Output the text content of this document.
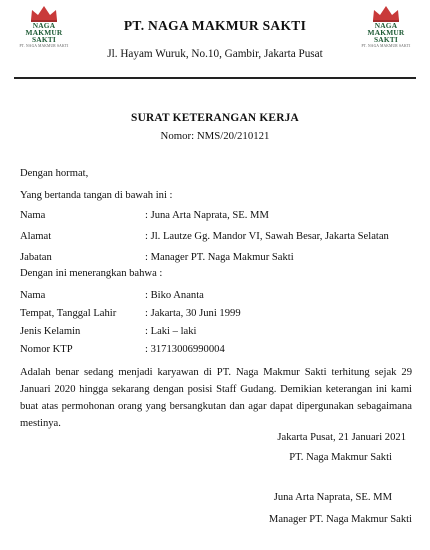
NAGA
MAKMUR
SAKTI
PT. NAGA MAKMUR SAKTI
NAGA
MAKMUR
SAKTI
PT. NAGA MAKMUR SAKTI
PT. NAGA MAKMUR SAKTI
Jl. Hayam Wuruk, No.10, Gambir, Jakarta Pusat
SURAT KETERANGAN KERJA
Nomor: NMS/20/210121
Dengan hormat,
Yang bertanda tangan di bawah ini :
Nama	: Juna Arta Naprata, SE. MM
Alamat	: Jl. Lautze Gg. Mandor VI, Sawah Besar, Jakarta Selatan
Jabatan	: Manager PT. Naga Makmur Sakti
Dengan ini menerangkan bahwa :
Nama	: Biko Ananta
Tempat, Tanggal Lahir	: Jakarta, 30 Juni 1999
Jenis Kelamin	: Laki – laki
Nomor KTP	: 31713006990004
Adalah benar sedang menjadi karyawan di PT. Naga Makmur Sakti terhitung sejak 29 Januari 2020 hingga sekarang dengan posisi Staff Gudang. Demikian keterangan ini kami buat atas permohonan orang yang bersangkutan dan agar dapat dipergunakan sebagaimana mestinya.
Jakarta Pusat, 21 Januari 2021
PT. Naga Makmur Sakti
Juna Arta Naprata, SE. MM
Manager PT. Naga Makmur Sakti
